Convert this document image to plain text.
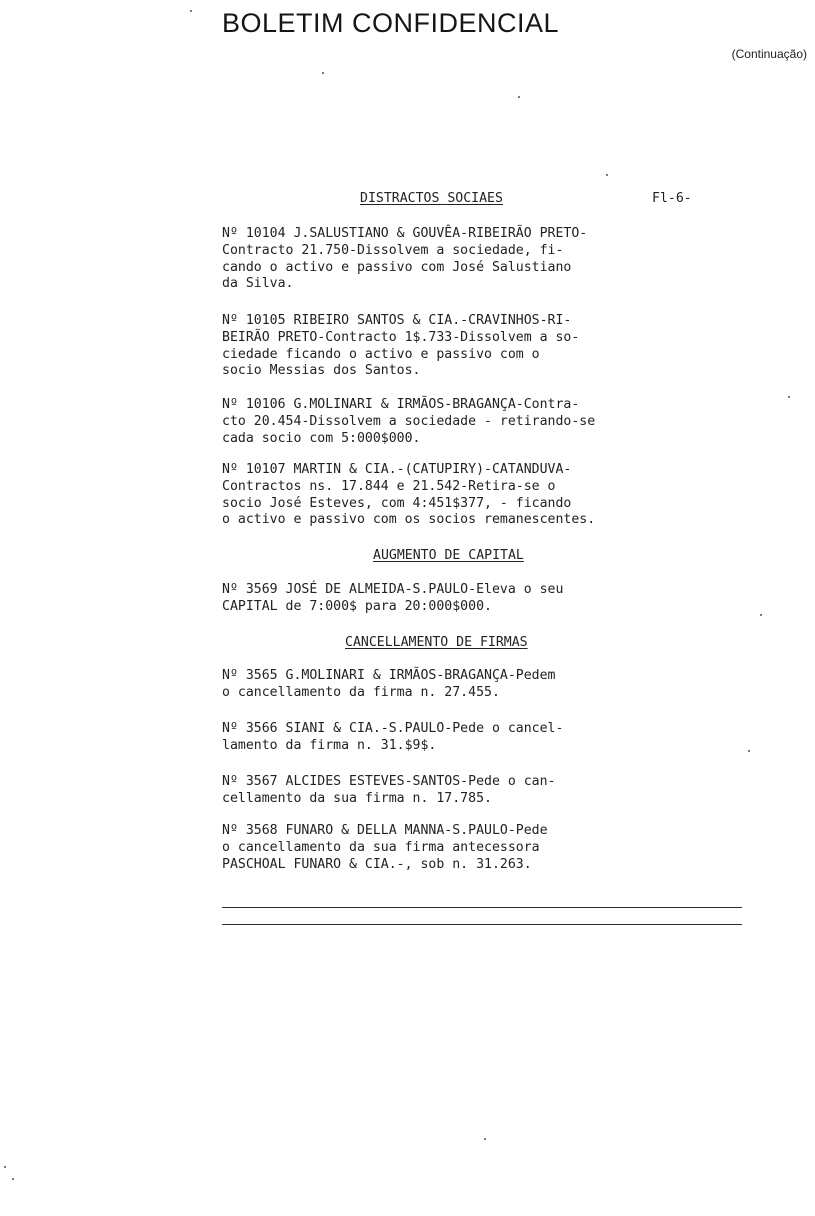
BOLETIM CONFIDENCIAL
(Continuação)
DISTRACTOS SOCIAES	Fl-6-
Nº 10104 J.SALUSTIANO & GOUVÊA-RIBEIRÃO PRETO-
Contracto 21.750-Dissolvem a sociedade, fi-
cando o activo e passivo com José Salustiano
da Silva.
Nº 10105 RIBEIRO SANTOS & CIA.-CRAVINHOS-RI-
BEIRÃO PRETO-Contracto 1$.733-Dissolvem a so-
ciedade ficando o activo e passivo com o
socio Messias dos Santos.
Nº 10106 G.MOLINARI & IRMÃOS-BRAGANÇA-Contra-
cto 20.454-Dissolvem a sociedade - retirando-se
cada socio com 5:000$000.
Nº 10107 MARTIN & CIA.-(CATUPIRY)-CATANDUVA-
Contractos ns. 17.844 e 21.542-Retira-se o
socio José Esteves, com 4:451$377, - ficando
o activo e passivo com os socios remanescentes.
AUGMENTO DE CAPITAL
Nº 3569 JOSÉ DE ALMEIDA-S.PAULO-Eleva o seu
CAPITAL de 7:000$ para 20:000$000.
CANCELLAMENTO DE FIRMAS
Nº 3565 G.MOLINARI & IRMÃOS-BRAGANÇA-Pedem
o cancellamento da firma n. 27.455.
Nº 3566 SIANI & CIA.-S.PAULO-Pede o cancel-
lamento da firma n. 31.$9$.
Nº 3567 ALCIDES ESTEVES-SANTOS-Pede o can-
cellamento da sua firma n. 17.785.
Nº 3568 FUNARO & DELLA MANNA-S.PAULO-Pede
o cancellamento da sua firma antecessora
PASCHOAL FUNARO & CIA.-, sob n. 31.263.
